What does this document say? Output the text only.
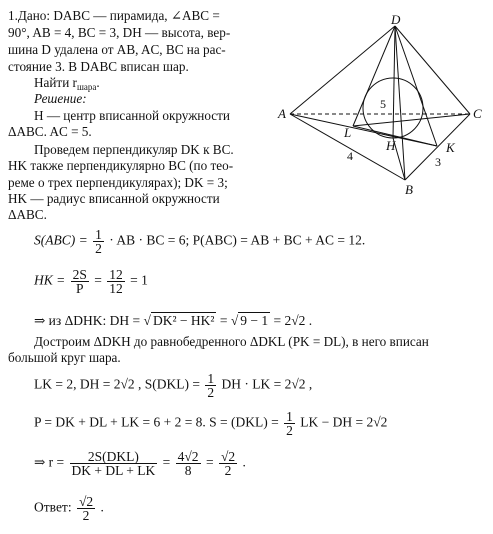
D
A	C
B
L
H	K
4	3
5
1.Дано: DABC — пирамида, ∠ABC =
90°, AB = 4, BC = 3, DH — высота, вер-
шина D удалена от AB, AC, BC на рас-
стояние 3. В DABC вписан шар.
Найти $r_{шара}$.
Решение:
H — центр вписанной окружности
ΔABC. AC = 5.
Проведем перпендикуляр DK к BC.
HK также перпендикулярно BC (по тео-
реме о трех перпендикулярах); DK = 3;
HK — радиус вписанной окружности
ΔABC.
$S(ABC) = \frac{1}{2}$ · AB · BC = 6; P(ABC) = AB + BC + AC = 12.
HK = $\frac{2S}{P} = \frac{12}{12} = 1$
⇒ из ΔDHK: DH = √ DK² − HK² = √ 9 − 1 = 2√2 .
Достроим ΔDKH до равнобедренного ΔDKL (PK = DL), в него вписан
большой круг шара.
LK = 2, DH = 2√2 , $S(DKL) = \frac{1}{2}$ DH · LK = 2√2 ,
P = DK + DL + LK = 6 + 2 = 8. $S = (DKL) = \frac{1}{2}$ LK − DH = 2√2
⇒ $r = \frac{\text{2S(DKL)}}{DK + DL + LK} = \frac{4√2}{8} = \frac{√2}{2}$ .
Ответ: $\frac{√2}{2}$ .
